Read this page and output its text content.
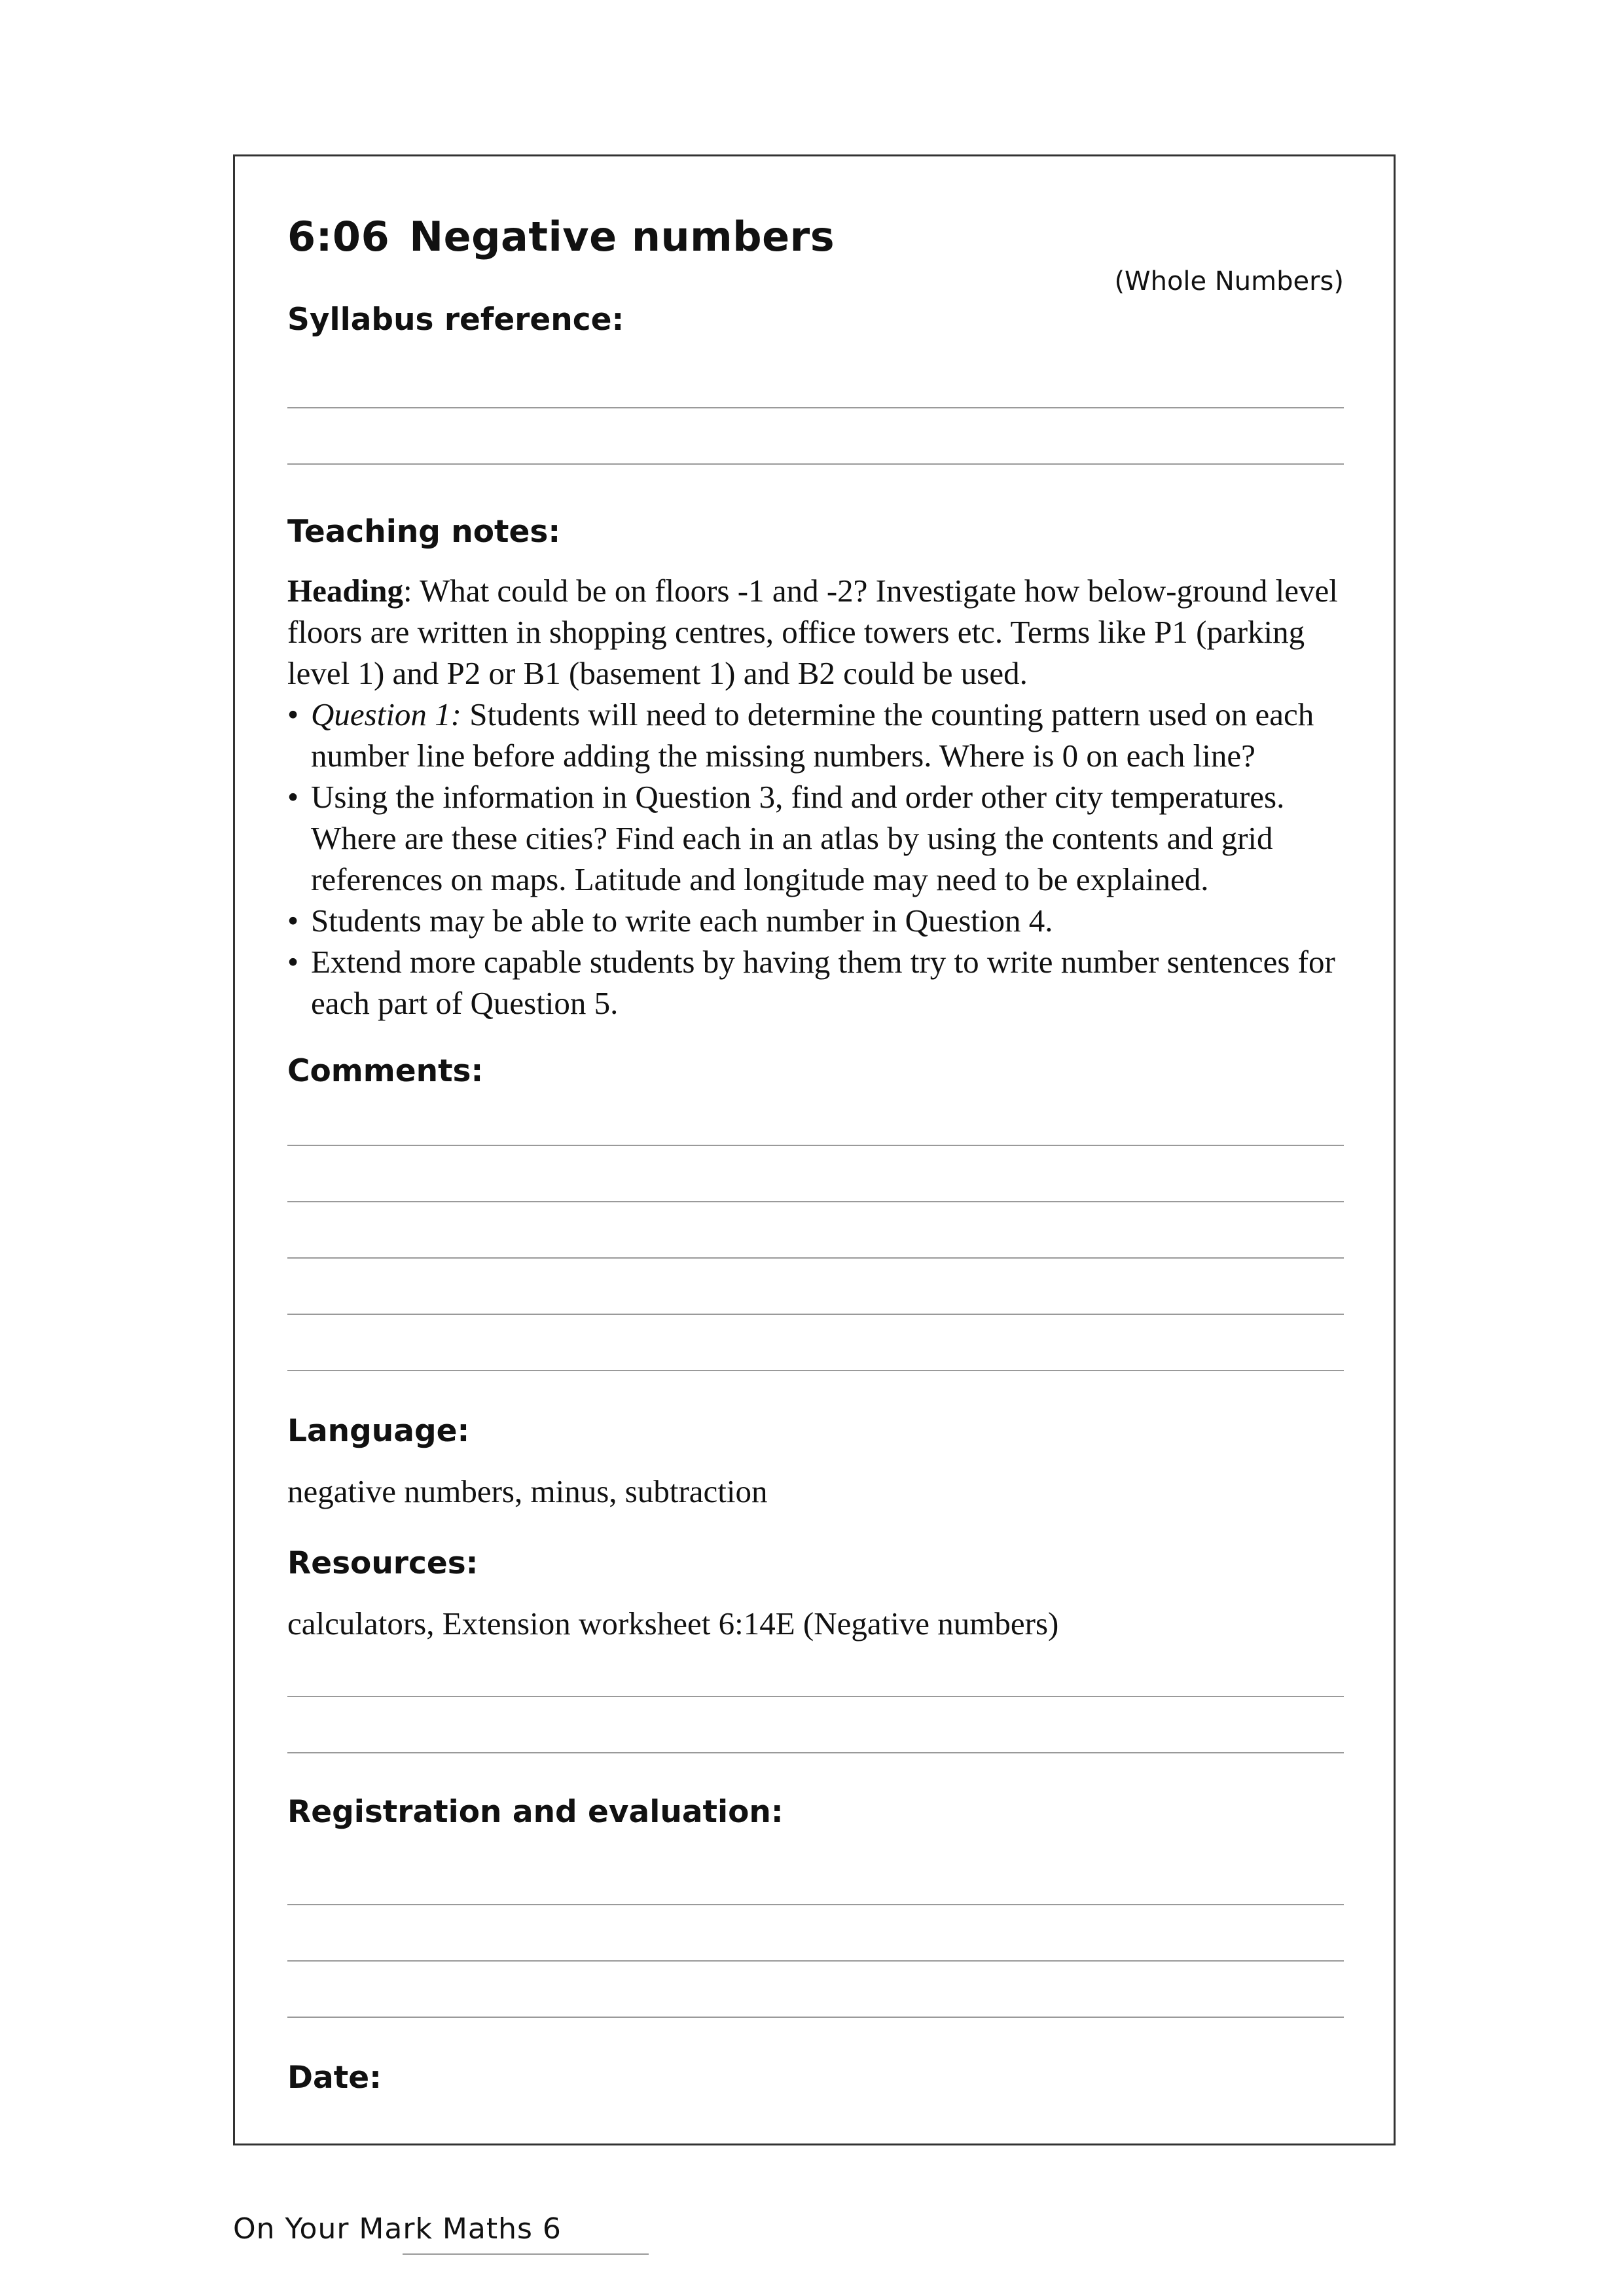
6:06 Negative numbers
(Whole Numbers)
Syllabus reference:
Teaching notes:

Heading: What could be on floors -1 and -2? Investigate how below-ground level floors are written in shopping centres, office towers etc. Terms like P1 (parking level 1) and P2 or B1 (basement 1) and B2 could be used.

• Question 1: Students will need to determine the counting pattern used on each number line before adding the missing numbers. Where is 0 on each line?
• Using the information in Question 3, find and order other city temperatures. Where are these cities? Find each in an atlas by using the contents and grid references on maps. Latitude and longitude may need to be explained.
• Students may be able to write each number in Question 4.
• Extend more capable students by having them try to write number sentences for each part of Question 5.
Comments:
Language:
negative numbers, minus, subtraction
Resources:
calculators, Extension worksheet 6:14E (Negative numbers)
Registration and evaluation:
Date:
On Your Mark Maths 6
